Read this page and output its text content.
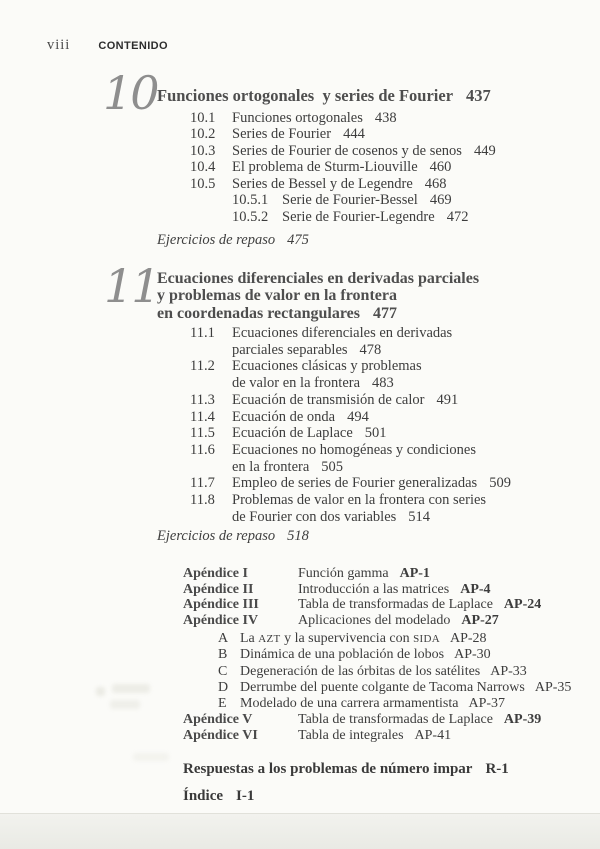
viii	CONTENIDO
10 Funciones ortogonales  y series de Fourier 437
10.1	Funciones ortogonales 438
10.2	Series de Fourier 444
10.3	Series de Fourier de cosenos y de senos 449
10.4	El problema de Sturm-Liouville 460
10.5	Series de Bessel y de Legendre 468
10.5.1 Serie de Fourier-Bessel 469
10.5.2 Serie de Fourier-Legendre 472
Ejercicios de repaso 475
11
Ecuaciones diferenciales en derivadas parciales
y problemas de valor en la frontera
en coordenadas rectangulares 477
11.1	Ecuaciones diferenciales en derivadas
parciales separables 478
11.2	Ecuaciones clásicas y problemas
de valor en la frontera 483
11.3	Ecuación de transmisión de calor 491
11.4	Ecuación de onda 494
11.5	Ecuación de Laplace 501
11.6	Ecuaciones no homogéneas y condiciones
en la frontera 505
11.7	Empleo de series de Fourier generalizadas 509
11.8	Problemas de valor en la frontera con series
de Fourier con dos variables 514
Ejercicios de repaso 518
Apéndice I	Función gamma AP-1
Apéndice II	Introducción a las matrices AP-4
Apéndice III	Tabla de transformadas de Laplace AP-24
Apéndice IV	Aplicaciones del modelado AP-27
A La AZT y la supervivencia con SIDA AP-28
B Dinámica de una población de lobos AP-30
C Degeneración de las órbitas de los satélites AP-33
D Derrumbe del puente colgante de Tacoma Narrows AP-35
E Modelado de una carrera armamentista AP-37
Apéndice V	Tabla de transformadas de Laplace AP-39
Apéndice VI	Tabla de integrales AP-41
Respuestas a los problemas de número impar R-1
Índice I-1
